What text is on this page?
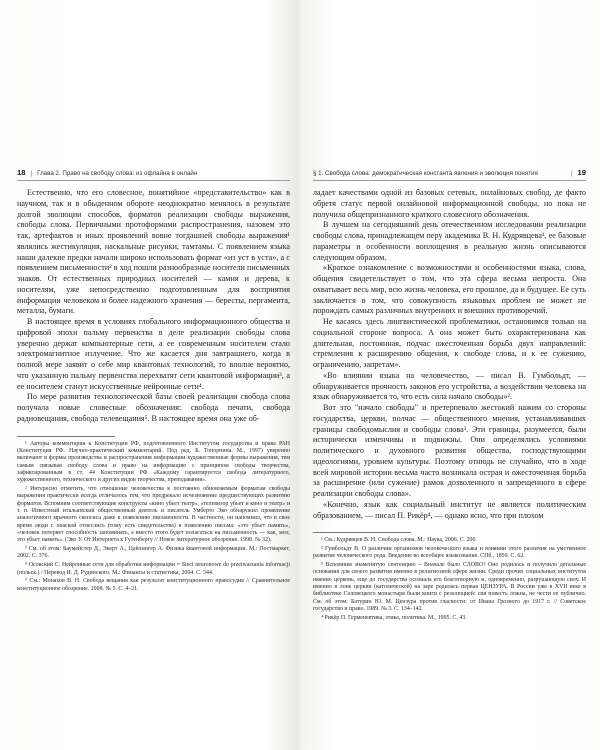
18 | Глава 2. Право на свободу слова: из офлайна в онлайн

Естественно, что его словесное, понятийное «представительство» как в научном, так и в обыденном обороте неоднократно менялось в результате долгой эволюции способов, форматов реализации свободы выражения, свободы слова. Первичными протоформами распространения, назовем это так, артефактов и иных проявлений вовне тогдашней свободы выражения¹ являлись жестикуляция, наскальные рисунки, тамтамы. С появлением языка наши далекие предки начали широко использовать формат «из уст в уста», а с появлением письменности² в ход пошли разнообразные носители письменных знаков. От естественных природных носителей — камня и дерева, к носителям, уже непосредственно подготовленным для восприятия информации человеком и более надежного хранения — бересты, пергамента, металла, бумаги.

В настоящее время в условиях глобального информационного общества и цифровой эпохи пальму первенства в деле реализации свободы слова уверенно держат компьютерные сети, а ее современным носителем стало электромагнитное излучение. Что же касается дня завтрашнего, когда в полной мере заявит о себе мир квантовых технологий, то вполне вероятно, что указанную пальму первенства перехватят сети квантовой информации³, а ее носителем станут искусственные нейронные сети⁴.

По мере развития технологической базы своей реализации свобода слова получала новые словесные обозначения: свобода печати, свобода радиовещания, свобода телевещания⁵. В настоящее время она уже об-

¹ Авторы комментария к Конституции РФ, подготовленного Институтом государства и права РАН (Конституция РФ. Научно-практический комментарий. Под ред. Б. Топорнина. М., 1997) уверенно включают в формы производства и распространения информации художественные формы выражения, тем самым связывая свободу слова и право на информацию с принципом свободы творчества, зафиксированным в ст. 44 Конституции РФ «Каждому гарантируется свобода литературного, художественного, технического и других видов творчества, преподавания».

² Интересно отметить, что отношение человечества к постоянно обновляемым форматам свободы выражения практически всегда отличалось тем, что предрекало исчезновение предшествующих развитию форматов. Вспомним соответствующие конструкты «кино убьет театр», «телевизор убьет и кино и театр» и т. п. Известный итальянский общественный деятель и писатель Умберто Эко обнаружил проявление аналогичного мрачного скепсиса даже к появлению письменности. В частности, он напомнил, что в свое время люди с опаской отнеслись (тому есть свидетельства) к появлению письма: «это убьет память», «человек потеряет способность запоминать, а вместо этого будет полагаться на письменность — как, мол, это убьет память». (Эко У. От Интернета к Гутенбергу // Новое литературное обозрение. 1998. № 32).

³ См. об этом: Баумейстер Д., Экерт А., Цайлингер А. Физика квантовой информации. М.: Постмаркет, 2002. С. 376.

⁴ Осовский С. Нейронные сети для обработки информации = Sieci neuronowe do przetwarzania informacji (польск.) / Перевод И. Д. Рудинского. М.: Финансы и статистика, 2004. С. 344.

⁵ См.: Монахов В. Н. Свобода вещания как результат конституционного правосудия // Сравнительное конституционное обозрение. 2008. № 5. С. 4–21.

§ 1. Свобода слова: демократическая константа явления и эволюция понятия	| 19

ладает качествами одной из базовых сетевых, онлайновых свобод, де факто обретя статус первой онлайновой информационной свободы, но пока не получила общепризнанного краткого словесного обозначения.

В лучшем на сегодняшний день отечественном исследовании реализации свободы слова, принадлежащем перу академика В. Н. Кудрявцева¹, ее базовые параметры и особенности воплощения в реальную жизнь описываются следующим образом.

«Краткое ознакомление с возможностями и особенностями языка, слова, общения свидетельствует о том, что эта сфера весьма непроста. Она охватывает весь мир, всю жизнь человека, его прошлое, да и будущее. Ее суть заключается в том, что совокупность языковых проблем не может не порождать самых различных внутренних и внешних противоречий.

Не касаясь здесь лингвистической проблематики, остановимся только на социальной стороне вопроса. А она может быть охарактеризована как длительная, постоянная, подчас ожесточенная борьба двух направлений: стремления к расширению общения, к свободе слова, и к ее сужению, ограничению, запретам».

«Во влиянии языка на человечество, — писал В. Гумбольдт, — обнаруживается прочность законов его устройства, а воздействии человека на язык обнаруживается то, что есть сила начало свободы»².

Вот это "начало свободы" и претерпевало жестокий нажим со стороны государства, церкви, полчас — общественного мнения, устанавливавших границы свободомыслия и свободы слова³. Эти границы, разумеется, были исторически изменчивы и подвижны. Они определялись условиями политического и духовного развития общества, господствующими идеологиями, уровнем культуры. Поэтому отнюдь не случайно, что в ходе всей мировой истории весьма часто возникала острая и ожесточенная борьба за расширение (или сужение) рамок дозволенного и запрещенного в сфере реализации свободы слова».

«Конечно, язык как социальный институт не является политическим образованием, — писал П. Рикёр⁴, — однако ясно, что при плохом

¹ См.: Кудрявцев В. Н. Свобода слова. М.: Наука, 2006. С. 200.

² Гумбольдт В. О различии организмов человеческого языка и влиянии этого различия на умственное развитие человеческого рода. Введение во всеобщее языкознание. СПб., 1859. С. 62.

³ Вспомним знаменитую сентенцию – Вначале было СЛОВО! Оно родилось и получило детальные основания для своего развития именно в религиозной сфере жизни. Среди прочих социальных институтов именно церковь, еще до государства осознала его благотворную и, одновременно, разрушающую силу. И именно в лоне церкви (католической) на заре родилась первая ЦЕНЗУРА. В России уже в XVII веке в библиотеке Соловецкого монастыря были книги с резолюцией: сия повесть ложна, не чести ее публично. См. об этом: Батурин Ю. М. Цензура против гласности: от Ивана Грозного до 1917 г. // Советское государство и право. 1989. № 3. С. 134–142.

⁴ Рикёр П. Герменевтика, этика, политика. М., 1995. С. 43.
